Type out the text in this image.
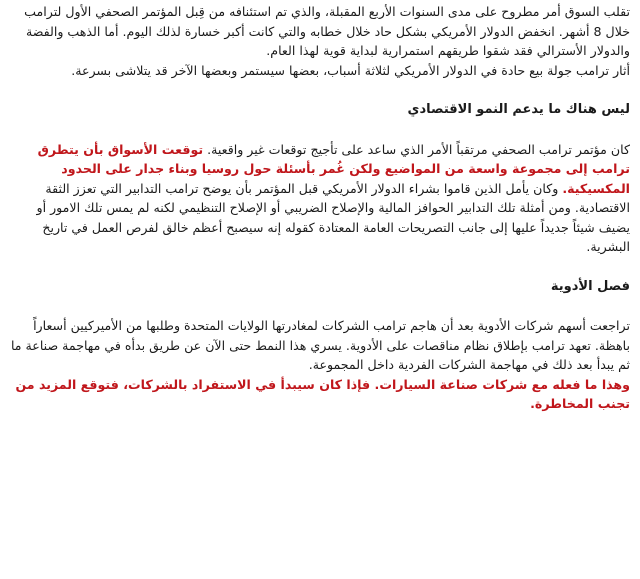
تقلب السوق أمر مطروح على مدى السنوات الأربع المقبلة، والذي تم استئنافه من قِبل المؤتمر الصحفي الأول لترامب خلال 8 أشهر. انخفض الدولار الأمريكي بشكل حاد خلال خطابه والتي كانت أكبر خسارة لذلك اليوم. أما الذهب والفضة والدولار الأسترالي فقد شقوا طريقهم استمرارية لبداية قوية لهذا العام.

أثار ترامب جولة بيع حادة في الدولار الأمريكي لثلاثة أسباب، بعضها سيستمر وبعضها الآخر قد يتلاشى بسرعة.

ليس هناك ما يدعم النمو الاقتصادي

كان مؤتمر ترامب الصحفي مرتقباً الأمر الذي ساعد على تأجيج توقعات غير واقعية. توقعت الأسواق بأن يتطرق ترامب إلى مجموعة واسعة من المواضيع ولكن غُمر بأسئلة حول روسيا وبناء جدار على الحدود المكسيكية. وكان يأمل الذين قاموا بشراء الدولار الأمريكي قبل المؤتمر بأن يوضح ترامب التدابير التي تعزز الثقة الاقتصادية. ومن أمثلة تلك التدابير الحوافز المالية والإصلاح الضريبي أو الإصلاح التنظيمي لكنه لم يمس تلك الامور أو يضيف شيئاً جديداً عليها إلى جانب التصريحات العامة المعتادة كقوله إنه سيصبح أعظم خالق لفرص العمل في تاريخ البشرية.

فصل الأدوية

تراجعت أسهم شركات الأدوية بعد أن هاجم ترامب الشركات لمغادرتها الولايات المتحدة وطلبها من الأميركيين أسعاراً باهظة. تعهد ترامب بإطلاق نظام مناقصات على الأدوية. يسري هذا النمط حتى الآن عن طريق بدأه في مهاجمة صناعة ما ثم يبدأ بعد ذلك في مهاجمة الشركات الفردية داخل المجموعة.

وهذا ما فعله مع شركات صناعة السيارات. فإذا كان سيبدأ في الاستفراد بالشركات، فتوقع المزيد من تجنب المخاطرة.
